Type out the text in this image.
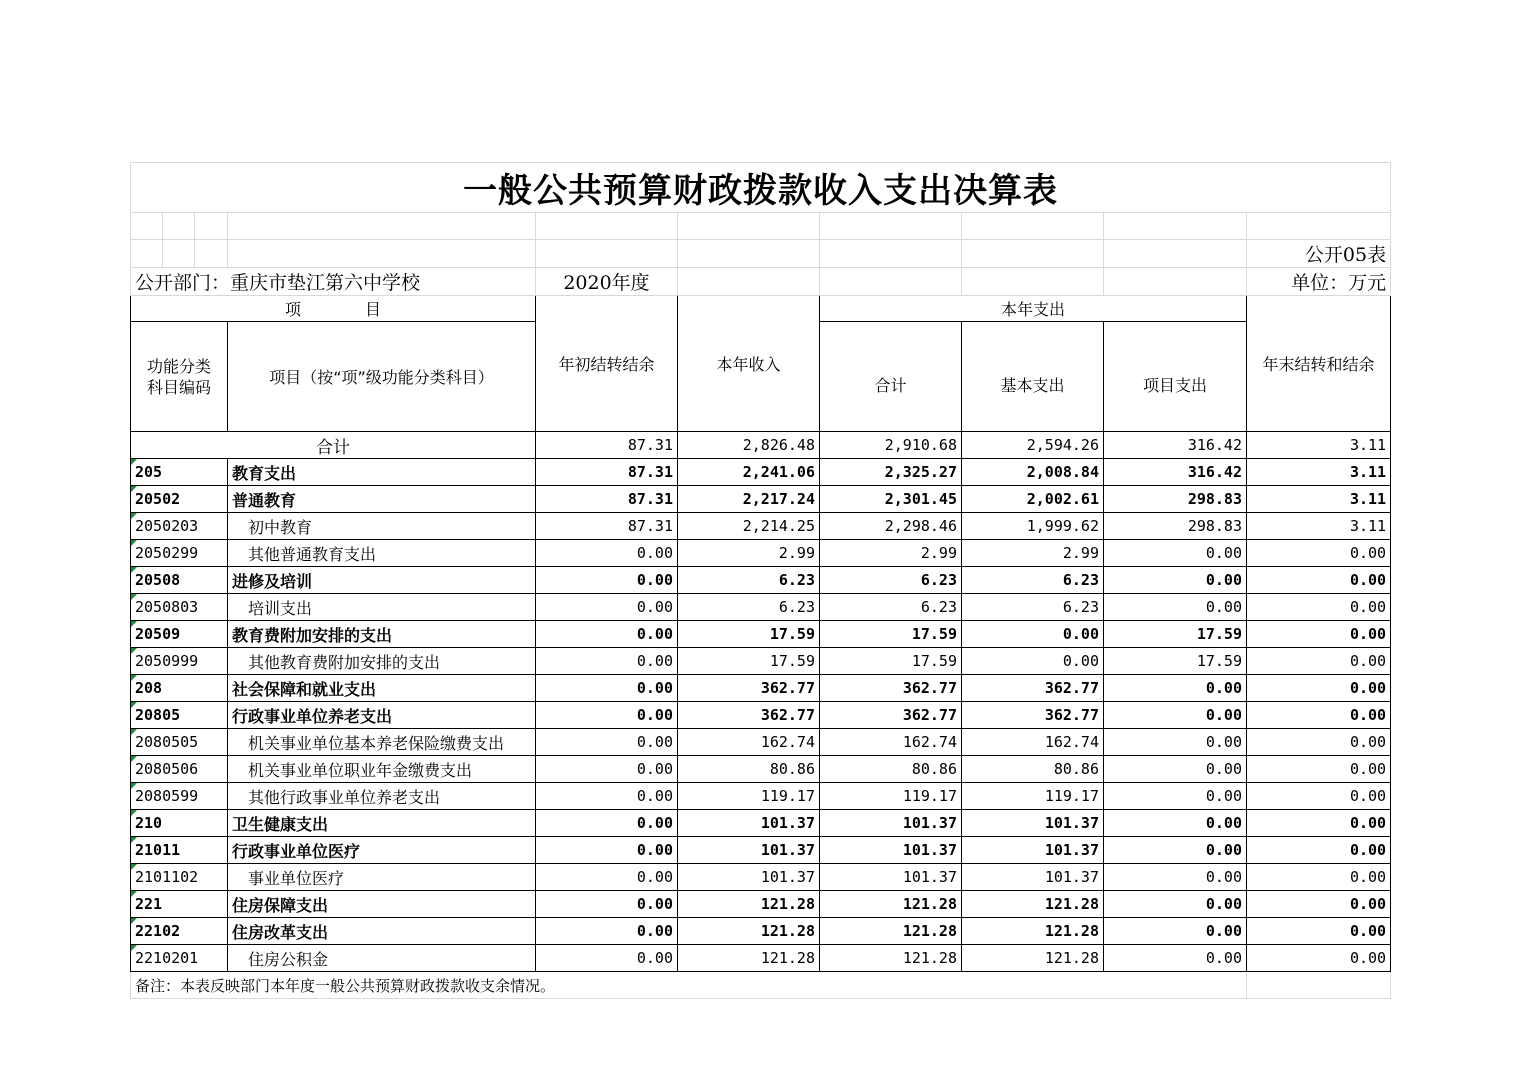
一般公共预算财政拨款收入支出决算表									

									公开05表
公开部门：重庆市垫江第六中学校				2020年度					单位：万元
项　　　　目				年初结转结余	本年收入	本年支出			年末结转和结余
功能分类
科目编码			项目（按“项”级功能分类科目）			合计	基本支出	项目支出	
合计				87.31	2,826.48	2,910.68	2,594.26	316.42	3.11
205			教育支出	87.31	2,241.06	2,325.27	2,008.84	316.42	3.11
20502			普通教育	87.31	2,217.24	2,301.45	2,002.61	298.83	3.11
2050203			初中教育	87.31	2,214.25	2,298.46	1,999.62	298.83	3.11
2050299			其他普通教育支出	0.00	2.99	2.99	2.99	0.00	0.00
20508			进修及培训	0.00	6.23	6.23	6.23	0.00	0.00
2050803			培训支出	0.00	6.23	6.23	6.23	0.00	0.00
20509			教育费附加安排的支出	0.00	17.59	17.59	0.00	17.59	0.00
2050999			其他教育费附加安排的支出	0.00	17.59	17.59	0.00	17.59	0.00
208			社会保障和就业支出	0.00	362.77	362.77	362.77	0.00	0.00
20805			行政事业单位养老支出	0.00	362.77	362.77	362.77	0.00	0.00
2080505			机关事业单位基本养老保险缴费支出	0.00	162.74	162.74	162.74	0.00	0.00
2080506			机关事业单位职业年金缴费支出	0.00	80.86	80.86	80.86	0.00	0.00
2080599			其他行政事业单位养老支出	0.00	119.17	119.17	119.17	0.00	0.00
210			卫生健康支出	0.00	101.37	101.37	101.37	0.00	0.00
21011			行政事业单位医疗	0.00	101.37	101.37	101.37	0.00	0.00
2101102			事业单位医疗	0.00	101.37	101.37	101.37	0.00	0.00
221			住房保障支出	0.00	121.28	121.28	121.28	0.00	0.00
22102			住房改革支出	0.00	121.28	121.28	121.28	0.00	0.00
2210201			住房公积金	0.00	121.28	121.28	121.28	0.00	0.00
备注：本表反映部门本年度一般公共预算财政拨款收支余情况。									
